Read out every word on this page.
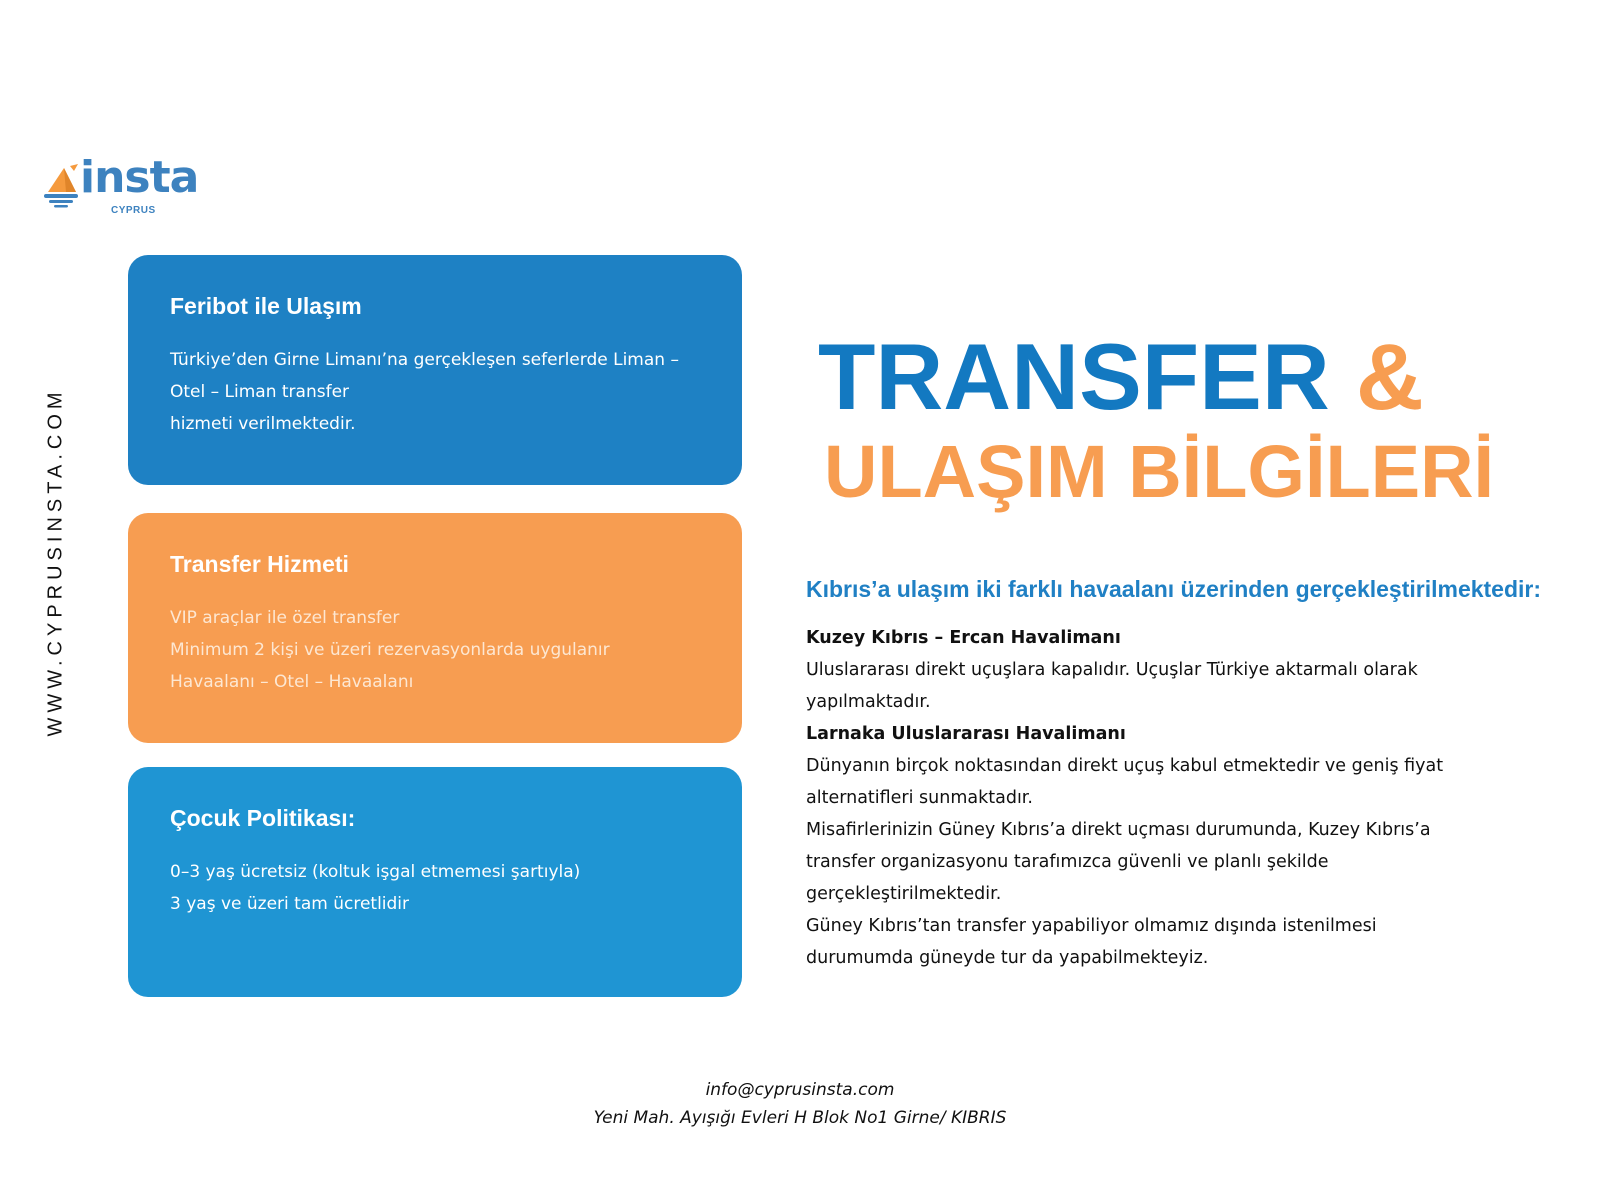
insta
CYPRUS
WWW.CYPRUSINSTA.COM
Feribot ile Ulaşım
Türkiye’den Girne Limanı’na gerçekleşen seferlerde Liman –
Otel – Liman transfer
hizmeti verilmektedir.
Transfer Hizmeti
VIP araçlar ile özel transfer
Minimum 2 kişi ve üzeri rezervasyonlarda uygulanır
Havaalanı – Otel – Havaalanı
Çocuk Politikası:
0–3 yaş ücretsiz (koltuk işgal etmemesi şartıyla)
3 yaş ve üzeri tam ücretlidir
TRANSFER &
ULAŞIM BİLGİLERİ
Kıbrıs’a ulaşım iki farklı havaalanı üzerinden gerçekleştirilmektedir:
Kuzey Kıbrıs – Ercan Havalimanı
Uluslararası direkt uçuşlara kapalıdır. Uçuşlar Türkiye aktarmalı olarak
yapılmaktadır.
Larnaka Uluslararası Havalimanı
Dünyanın birçok noktasından direkt uçuş kabul etmektedir ve geniş fiyat
alternatifleri sunmaktadır.
Misafirlerinizin Güney Kıbrıs’a direkt uçması durumunda, Kuzey Kıbrıs’a
transfer organizasyonu tarafımızca güvenli ve planlı şekilde
gerçekleştirilmektedir.
Güney Kıbrıs’tan transfer yapabiliyor olmamız dışında istenilmesi
durumumda güneyde tur da yapabilmekteyiz.
info@cyprusinsta.com
Yeni Mah. Ayışığı Evleri H Blok No1 Girne/ KIBRIS
